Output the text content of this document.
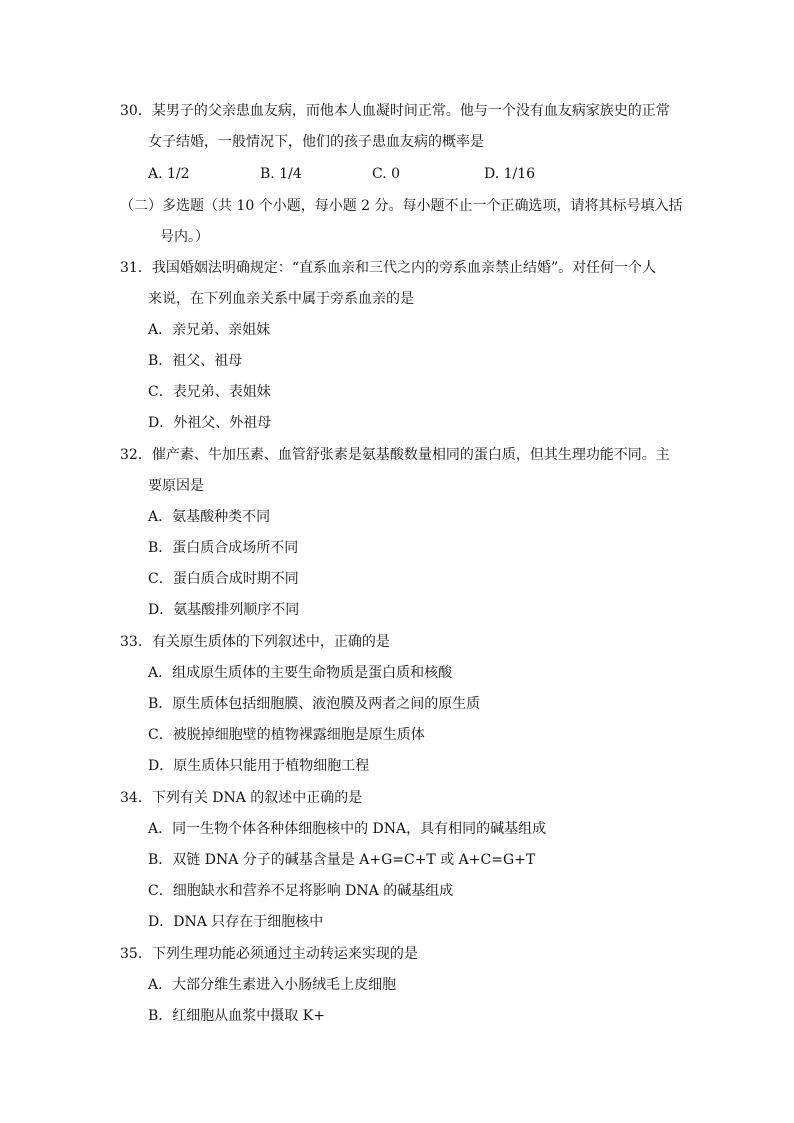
30．某男子的父亲患血友病，而他本人血凝时间正常。他与一个没有血友病家族史的正常
女子结婚，一般情况下，他们的孩子患血友病的概率是
A. 1/2	B. 1/4	C. 0	D. 1/16
（二）多选题（共 10 个小题，每小题 2 分。每小题不止一个正确选项，请将其标号填入括
号内。）
31．我国婚姻法明确规定：“直系血亲和三代之内的旁系血亲禁止结婚”。对任何一个人
来说，在下列血亲关系中属于旁系血亲的是
A．亲兄弟、亲姐妹
B．祖父、祖母
C．表兄弟、表姐妹
D．外祖父、外祖母
32．催产素、牛加压素、血管舒张素是氨基酸数量相同的蛋白质，但其生理功能不同。主
要原因是
A．氨基酸种类不同
B．蛋白质合成场所不同
C．蛋白质合成时期不同
D．氨基酸排列顺序不同
33．有关原生质体的下列叙述中，正确的是
A．组成原生质体的主要生命物质是蛋白质和核酸
B．原生质体包括细胞膜、液泡膜及两者之间的原生质
C．被脱掉细胞壁的植物裸露细胞是原生质体
D．原生质体只能用于植物细胞工程
34．下列有关 DNA 的叙述中正确的是
A．同一生物个体各种体细胞核中的 DNA，具有相同的碱基组成
B．双链 DNA 分子的碱基含量是 A+G=C+T 或 A+C=G+T
C．细胞缺水和营养不足将影响 DNA 的碱基组成
D．DNA 只存在于细胞核中
35．下列生理功能必须通过主动转运来实现的是
A．大部分维生素进入小肠绒毛上皮细胞
B．红细胞从血浆中摄取 K+
